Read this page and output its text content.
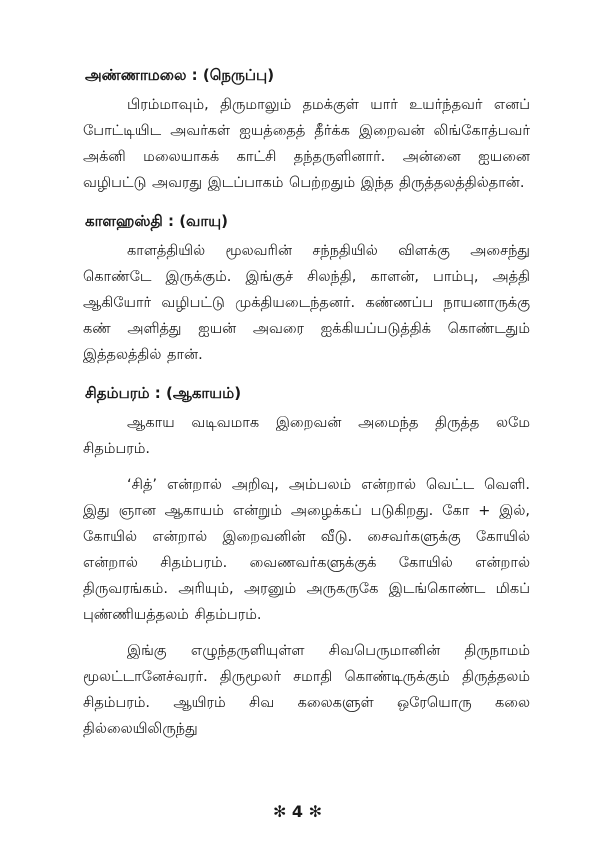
அண்ணாமலை : (நெருப்பு)

பிரம்மாவும், திருமாலும் தமக்குள் யார் உயர்ந்தவர் எனப் போட்டியிட அவர்கள் ஐயத்தைத் தீர்க்க இறைவன் லிங்கோத்பவர் அக்னி மலையாகக் காட்சி தந்தருளினார். அன்னை ஐயனை வழிபட்டு அவரது இடப்பாகம் பெற்றதும் இந்த திருத்தலத்தில்தான்.

காளஹஸ்தி : (வாயு)

காளத்தியில் மூலவரின் சந்நதியில் விளக்கு அசைந்து கொண்டே இருக்கும். இங்குச் சிலந்தி, காளன், பாம்பு, அத்தி ஆகியோர் வழிபட்டு முக்தியடைந்தனர். கண்ணப்ப நாயனாருக்கு கண் அளித்து ஐயன் அவரை ஐக்கியப்படுத்திக் கொண்டதும் இத்தலத்தில் தான்.

சிதம்பரம் : (ஆகாயம்)

ஆகாய வடிவமாக இறைவன் அமைந்த திருத்த லமே சிதம்பரம்.

‘சித்’ என்றால் அறிவு, அம்பலம் என்றால் வெட்ட வெளி. இது ஞான ஆகாயம் என்றும் அழைக்கப் படுகிறது. கோ + இல், கோயில் என்றால் இறைவனின் வீடு. சைவர்களுக்கு கோயில் என்றால் சிதம்பரம். வைணவர்களுக்குக் கோயில் என்றால் திருவரங்கம். அரியும், அரனும் அருகருகே இடங்கொண்ட மிகப் புண்ணியத்தலம் சிதம்பரம்.

இங்கு எழுந்தருளியுள்ள சிவபெருமானின் திருநாமம் மூலட்டானேச்வரர். திருமூலர் சமாதி கொண்டிருக்கும் திருத்தலம் சிதம்பரம். ஆயிரம் சிவ கலைகளுள் ஒரேயொரு கலை தில்லையிலிருந்து

✻ 4 ✻
